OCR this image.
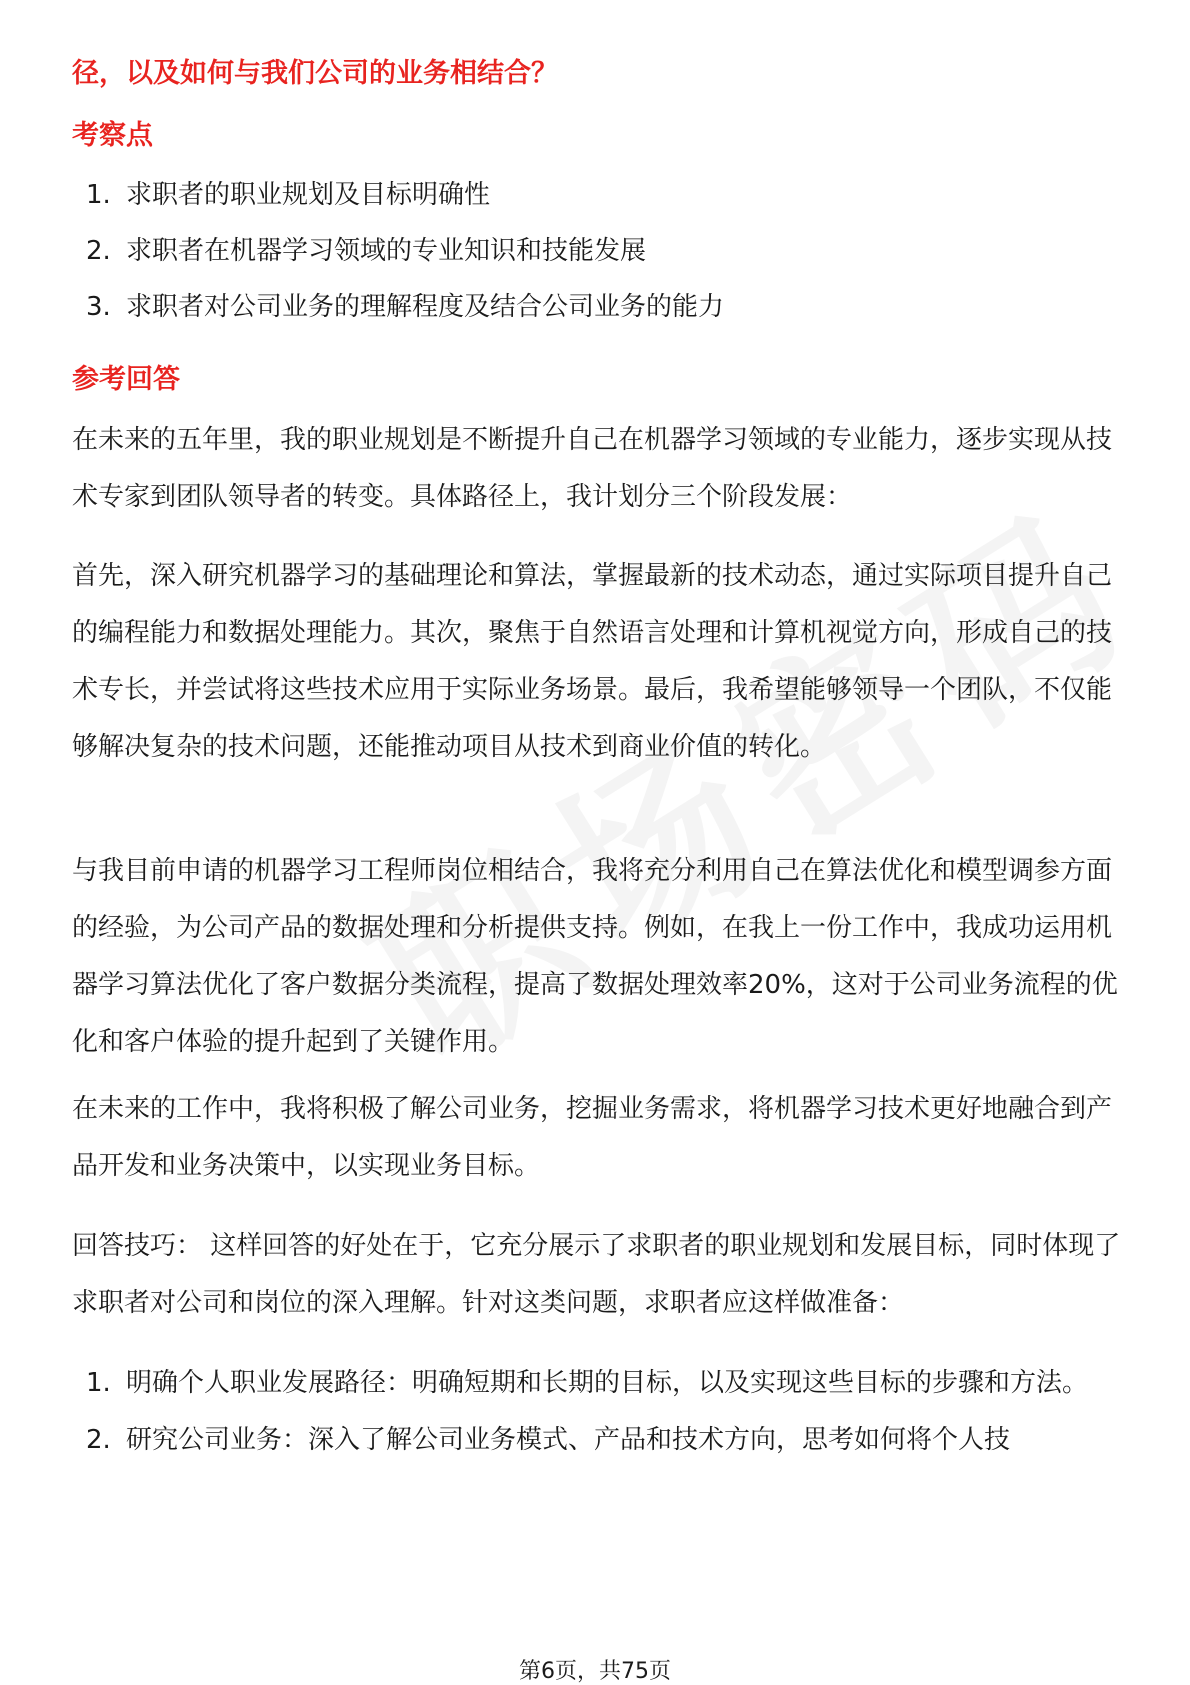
径，以及如何与我们公司的业务相结合？
考察点
1. 求职者的职业规划及目标明确性
2. 求职者在机器学习领域的专业知识和技能发展
3. 求职者对公司业务的理解程度及结合公司业务的能力
参考回答

在未来的五年里，我的职业规划是不断提升自己在机器学习领域的专业能力，逐步实现从技术专家到团队领导者的转变。具体路径上，我计划分三个阶段发展：

首先，深入研究机器学习的基础理论和算法，掌握最新的技术动态，通过实际项目提升自己的编程能力和数据处理能力。其次，聚焦于自然语言处理和计算机视觉方向，形成自己的技术专长，并尝试将这些技术应用于实际业务场景。最后，我希望能够领导一个团队，不仅能够解决复杂的技术问题，还能推动项目从技术到商业价值的转化。

与我目前申请的机器学习工程师岗位相结合，我将充分利用自己在算法优化和模型调参方面的经验，为公司产品的数据处理和分析提供支持。例如，在我上一份工作中，我成功运用机器学习算法优化了客户数据分类流程，提高了数据处理效率20%，这对于公司业务流程的优化和客户体验的提升起到了关键作用。

在未来的工作中，我将积极了解公司业务，挖掘业务需求，将机器学习技术更好地融合到产品开发和业务决策中，以实现业务目标。

回答技巧： 这样回答的好处在于，它充分展示了求职者的职业规划和发展目标，同时体现了求职者对公司和岗位的深入理解。针对这类问题，求职者应这样做准备：

1. 明确个人职业发展路径：明确短期和长期的目标，以及实现这些目标的步骤和方法。
2. 研究公司业务：深入了解公司业务模式、产品和技术方向，思考如何将个人技
第6页，共75页
